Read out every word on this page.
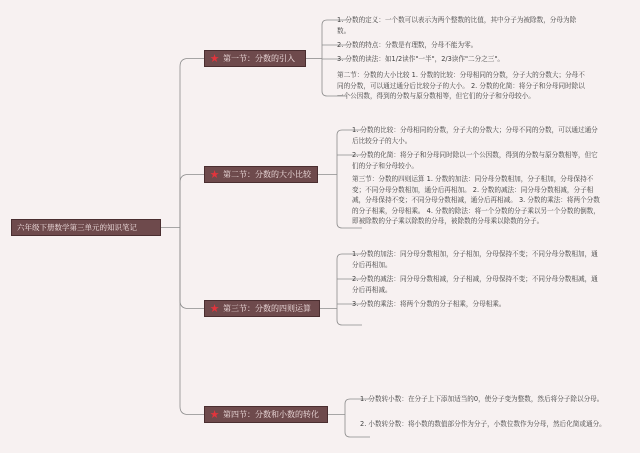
六年级下册数学第三单元的知识笔记
★ 第一节：分数的引入
★ 第二节：分数的大小比较
★ 第三节：分数的四则运算
★ 第四节：分数和小数的转化
1. 分数的定义：一个数可以表示为两个整数的比值，其中分子为被除数，分母为除数。
2. 分数的特点：分数是有理数，分母不能为零。
3. 分数的读法：如1/2读作"一半"，2/3读作"二分之三"。
第二节：分数的大小比较 1. 分数的比较：分母相同的分数，分子大的分数大；分母不同的分数，可以通过通分后比较分子的大小。 2. 分数的化简：将分子和分母同时除以一个公因数，得到的分数与原分数相等，但它们的分子和分母较小。
1. 分数的比较：分母相同的分数，分子大的分数大；分母不同的分数，可以通过通分后比较分子的大小。
2. 分数的化简：将分子和分母同时除以一个公因数，得到的分数与原分数相等，但它们的分子和分母较小。
第三节：分数的四则运算 1. 分数的加法：同分母分数相加，分子相加，分母保持不变；不同分母分数相加，通分后再相加。 2. 分数的减法：同分母分数相减，分子相减，分母保持不变；不同分母分数相减，通分后再相减。 3. 分数的乘法：将两个分数的分子相乘，分母相乘。 4. 分数的除法：将一个分数的分子乘以另一个分数的倒数，即被除数的分子乘以除数的分母，被除数的分母乘以除数的分子。
1. 分数的加法：同分母分数相加，分子相加，分母保持不变；不同分母分数相加，通分后再相加。
2. 分数的减法：同分母分数相减，分子相减，分母保持不变；不同分母分数相减，通分后再相减。
3. 分数的乘法：将两个分数的分子相乘，分母相乘。
1. 分数转小数：在分子上下添加适当的0，使分子变为整数，然后将分子除以分母。
2. 小数转分数：将小数的数值部分作为分子，小数位数作为分母，然后化简或通分。
